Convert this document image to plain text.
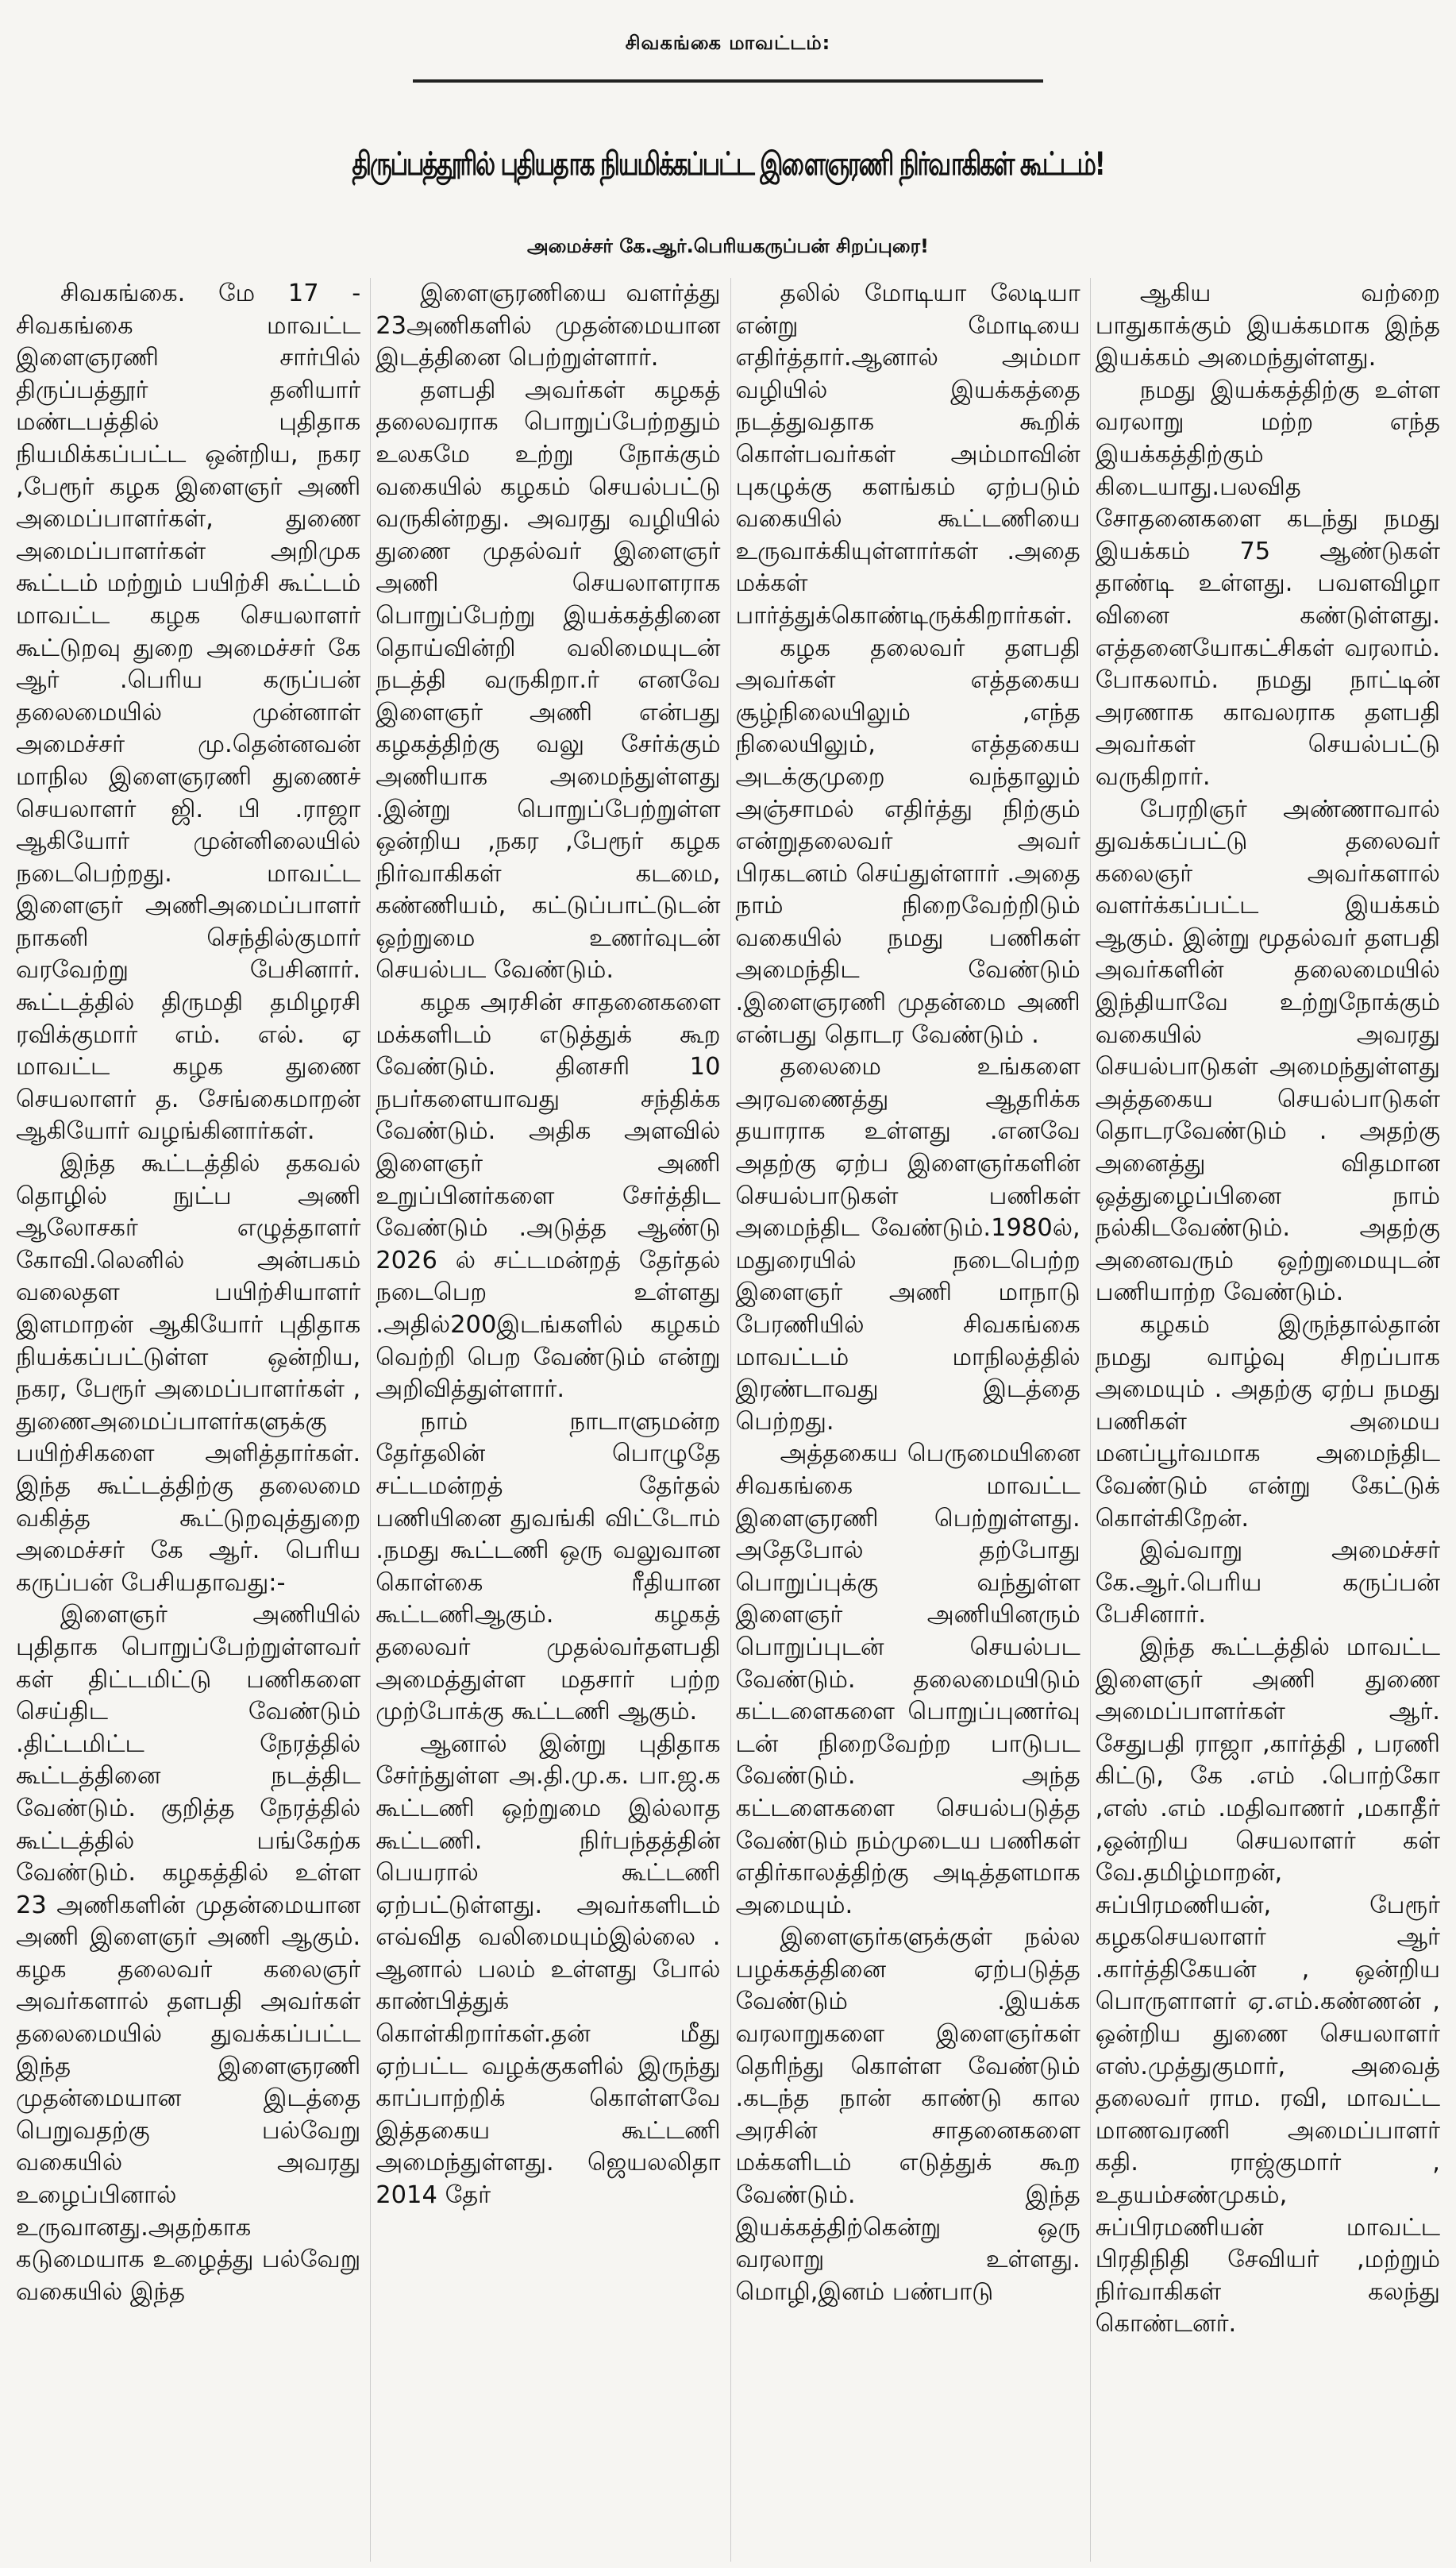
சிவகங்கை மாவட்டம்:
திருப்பத்தூரில் புதியதாக நியமிக்கப்பட்ட இளைஞரணி நிர்வாகிகள் கூட்டம்!
அமைச்சர் கே.ஆர்.பெரியகருப்பன் சிறப்புரை!

சிவகங்கை. மே 17 - சிவகங்கை மாவட்ட இளைஞரணி சார்பில் திருப்பத்தூர் தனியார் மண்டபத்தில் புதிதாக நியமிக்கப்பட்ட ஒன்றிய, நகர ,பேரூர் கழக இளைஞர் அணி அமைப்பாளர்கள், துணை அமைப்பாளர்கள் அறிமுக கூட்டம் மற்றும் பயிற்சி கூட்டம் மாவட்ட கழக செயலாளர் கூட்டுறவு துறை அமைச்சர் கே ஆர் .பெரிய கருப்பன் தலைமையில் முன்னாள் அமைச்சர் மு.தென்னவன் மாநில இளைஞரணி துணைச் செயலாளர் ஜி. பி .ராஜா ஆகியோர் முன்னிலையில் நடைபெற்றது. மாவட்ட இளைஞர் அணிஅமைப்பாளர் நாகனி செந்தில்குமார் வரவேற்று பேசினார். கூட்டத்தில் திருமதி தமிழரசி ரவிக்குமார் எம். எல். ஏ மாவட்ட கழக துணை செயலாளர் த. சேங்கைமாறன் ஆகியோர் வழங்கினார்கள்.

இந்த கூட்டத்தில் தகவல் தொழில் நுட்ப அணி ஆலோசகர் எழுத்தாளர் கோவி.லெனில் அன்பகம் வலைதள பயிற்சியாளர் இளமாறன் ஆகியோர் புதிதாக நியக்கப்பட்டுள்ள ஒன்றிய, நகர, பேரூர் அமைப்பாளர்கள் , துணைஅமைப்பாளர்களுக்கு பயிற்சிகளை அளித்தார்கள். இந்த கூட்டத்திற்கு தலைமை வகித்த கூட்டுறவுத்துறை அமைச்சர் கே ஆர். பெரிய கருப்பன் பேசியதாவது:-

இளைஞர் அணியில் புதிதாக பொறுப்பேற்றுள்ளவர் கள் திட்டமிட்டு பணிகளை செய்திட வேண்டும் .திட்டமிட்ட நேரத்தில் கூட்டத்தினை நடத்திட வேண்டும். குறித்த நேரத்தில் கூட்டத்தில் பங்கேற்க வேண்டும். கழகத்தில் உள்ள 23 அணிகளின் முதன்மையான அணி இளைஞர் அணி ஆகும். கழக தலைவர் கலைஞர் அவர்களால் தளபதி அவர்கள் தலைமையில் துவக்கப்பட்ட இந்த இளைஞரணி முதன்மையான இடத்தை பெறுவதற்கு பல்வேறு வகையில் அவரது உழைப்பினால் உருவானது.அதற்காக கடுமையாக உழைத்து பல்வேறு வகையில் இந்த

இளைஞரணியை வளர்த்து 23அணிகளில் முதன்மையான இடத்தினை பெற்றுள்ளார்.

தளபதி அவர்கள் கழகத் தலைவராக பொறுப்பேற்றதும் உலகமே உற்று நோக்கும் வகையில் கழகம் செயல்பட்டு வருகின்றது. அவரது வழியில் துணை முதல்வர் இளைஞர் அணி செயலாளராக பொறுப்பேற்று இயக்கத்தினை தொய்வின்றி வலிமையுடன் நடத்தி வருகிறா.ர் எனவே இளைஞர் அணி என்பது கழகத்திற்கு வலு சேர்க்கும் அணியாக அமைந்துள்ளது .இன்று பொறுப்பேற்றுள்ள ஒன்றிய ,நகர ,பேரூர் கழக நிர்வாகிகள் கடமை, கண்ணியம், கட்டுப்பாட்டுடன் ஒற்றுமை உணர்வுடன் செயல்பட வேண்டும்.

கழக அரசின் சாதனைகளை மக்களிடம் எடுத்துக் கூற வேண்டும். தினசரி 10 நபர்களையாவது சந்திக்க வேண்டும். அதிக அளவில் இளைஞர் அணி உறுப்பினர்களை சேர்த்திட வேண்டும் .அடுத்த ஆண்டு 2026 ல் சட்டமன்றத் தேர்தல் நடைபெற உள்ளது .அதில்200இடங்களில் கழகம் வெற்றி பெற வேண்டும் என்று அறிவித்துள்ளார்.

நாம் நாடாளுமன்ற தேர்தலின் பொழுதே சட்டமன்றத் தேர்தல் பணியினை துவங்கி விட்டோம் .நமது கூட்டணி ஒரு வலுவான கொள்கை ரீதியான கூட்டணிஆகும். கழகத் தலைவர் முதல்வர்தளபதி அமைத்துள்ள மதசார் பற்ற முற்போக்கு கூட்டணி ஆகும்.

ஆனால் இன்று புதிதாக சேர்ந்துள்ள அ.தி.மு.க. பா.ஜ.க கூட்டணி ஒற்றுமை இல்லாத கூட்டணி. நிர்பந்தத்தின் பெயரால் கூட்டணி ஏற்பட்டுள்ளது. அவர்களிடம் எவ்வித வலிமையும்இல்லை . ஆனால் பலம் உள்ளது போல் காண்பித்துக் கொள்கிறார்கள்.தன் மீது ஏற்பட்ட வழக்குகளில் இருந்து காப்பாற்றிக் கொள்ளவே இத்தகைய கூட்டணி அமைந்துள்ளது. ஜெயலலிதா 2014 தேர்

தலில் மோடியா லேடியா என்று மோடியை எதிர்த்தார்.ஆனால் அம்மா வழியில் இயக்கத்தை நடத்துவதாக கூறிக் கொள்பவர்கள் அம்மாவின் புகழுக்கு களங்கம் ஏற்படும் வகையில் கூட்டணியை உருவாக்கியுள்ளார்கள் .அதை மக்கள் பார்த்துக்கொண்டிருக்கிறார்கள்.

கழக தலைவர் தளபதி அவர்கள் எத்தகைய சூழ்நிலையிலும் ,எந்த நிலையிலும், எத்தகைய அடக்குமுறை வந்தாலும் அஞ்சாமல் எதிர்த்து நிற்கும் என்றுதலைவர் அவர் பிரகடனம் செய்துள்ளார் .அதை நாம் நிறைவேற்றிடும் வகையில் நமது பணிகள் அமைந்திட வேண்டும் .இளைஞரணி முதன்மை அணி என்பது தொடர வேண்டும் .

தலைமை உங்களை அரவணைத்து ஆதரிக்க தயாராக உள்ளது .எனவே அதற்கு ஏற்ப இளைஞர்களின் செயல்பாடுகள் பணிகள் அமைந்திட வேண்டும்.1980ல், மதுரையில் நடைபெற்ற இளைஞர் அணி மாநாடு பேரணியில் சிவகங்கை மாவட்டம் மாநிலத்தில் இரண்டாவது இடத்தை பெற்றது.

அத்தகைய பெருமையினை சிவகங்கை மாவட்ட இளைஞரணி பெற்றுள்ளது. அதேபோல் தற்போது பொறுப்புக்கு வந்துள்ள இளைஞர் அணியினரும் பொறுப்புடன் செயல்பட வேண்டும். தலைமையிடும் கட்டளைகளை பொறுப்புணர்வு டன் நிறைவேற்ற பாடுபட வேண்டும். அந்த கட்டளைகளை செயல்படுத்த வேண்டும் நம்முடைய பணிகள் எதிர்காலத்திற்கு அடித்தளமாக அமையும்.

இளைஞர்களுக்குள் நல்ல பழக்கத்தினை ஏற்படுத்த வேண்டும் .இயக்க வரலாறுகளை இளைஞர்கள் தெரிந்து கொள்ள வேண்டும் .கடந்த நான் காண்டு கால அரசின் சாதனைகளை மக்களிடம் எடுத்துக் கூற வேண்டும். இந்த இயக்கத்திற்கென்று ஒரு வரலாறு உள்ளது. மொழி,இனம் பண்பாடு

ஆகிய வற்றை பாதுகாக்கும் இயக்கமாக இந்த இயக்கம் அமைந்துள்ளது.

நமது இயக்கத்திற்கு உள்ள வரலாறு மற்ற எந்த இயக்கத்திற்கும் கிடையாது.பலவித சோதனைகளை கடந்து நமது இயக்கம் 75 ஆண்டுகள் தாண்டி உள்ளது. பவளவிழா வினை கண்டுள்ளது. எத்தனையோகட்சிகள் வரலாம். போகலாம். நமது நாட்டின் அரணாக காவலராக தளபதி அவர்கள் செயல்பட்டு வருகிறார்.

பேரறிஞர் அண்ணாவால் துவக்கப்பட்டு தலைவர் கலைஞர் அவர்களால் வளர்க்கப்பட்ட இயக்கம் ஆகும். இன்று மூதல்வர் தளபதி அவர்களின் தலைமையில் இந்தியாவே உற்றுநோக்கும் வகையில் அவரது செயல்பாடுகள் அமைந்துள்ளது அத்தகைய செயல்பாடுகள் தொடரவேண்டும் . அதற்கு அனைத்து விதமான ஒத்துழைப்பினை நாம் நல்கிடவேண்டும். அதற்கு அனைவரும் ஒற்றுமையுடன் பணியாற்ற வேண்டும்.

கழகம் இருந்தால்தான் நமது வாழ்வு சிறப்பாக அமையும் . அதற்கு ஏற்ப நமது பணிகள் அமைய மனப்பூர்வமாக அமைந்திட வேண்டும் என்று கேட்டுக் கொள்கிறேன்.

இவ்வாறு அமைச்சர் கே.ஆர்.பெரிய கருப்பன் பேசினார்.

இந்த கூட்டத்தில் மாவட்ட இளைஞர் அணி துணை அமைப்பாளர்கள் ஆர். சேதுபதி ராஜா ,கார்த்தி , பரணி கிட்டு, கே .எம் .பொற்கோ ,எஸ் .எம் .மதிவாணர் ,மகாதீர் ,ஒன்றிய செயலாளர் கள் வே.தமிழ்மாறன், சுப்பிரமணியன், பேரூர் கழகசெயலாளர் ஆர் .கார்த்திகேயன் , ஒன்றிய பொருளாளர் ஏ.எம்.கண்ணன் , ஒன்றிய துணை செயலாளர் எஸ்.முத்துகுமார், அவைத் தலைவர் ராம. ரவி, மாவட்ட மாணவரணி அமைப்பாளர் கதி. ராஜ்குமார் , உதயம்சண்முகம், சுப்பிரமணியன் மாவட்ட பிரதிநிதி சேவியர் ,மற்றும் நிர்வாகிகள் கலந்து கொண்டனர்.
